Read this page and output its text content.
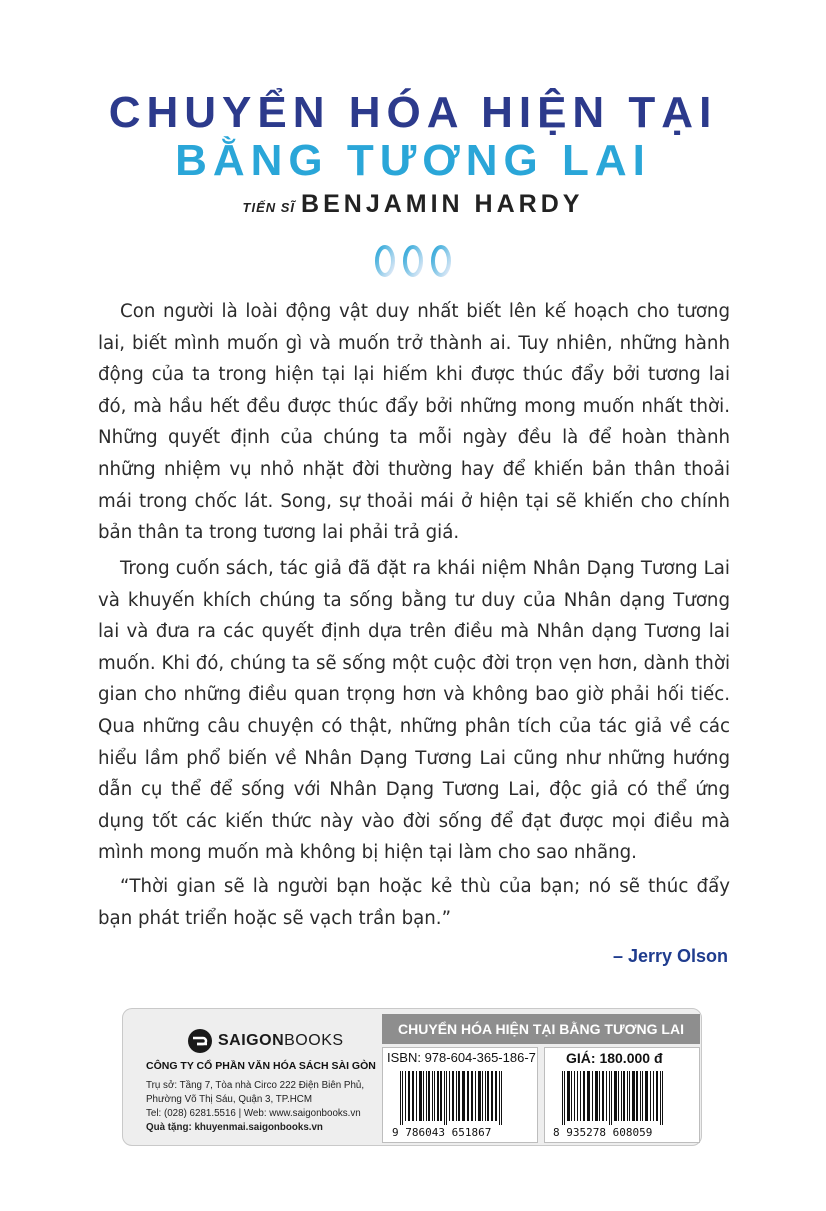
CHUYỂN HÓA HIỆN TẠI
BẰNG TƯƠNG LAI
TIẾN SĨ BENJAMIN HARDY
Con người là loài động vật duy nhất biết lên kế hoạch cho tương lai, biết mình muốn gì và muốn trở thành ai. Tuy nhiên, những hành động của ta trong hiện tại lại hiếm khi được thúc đẩy bởi tương lai đó, mà hầu hết đều được thúc đẩy bởi những mong muốn nhất thời. Những quyết định của chúng ta mỗi ngày đều là để hoàn thành những nhiệm vụ nhỏ nhặt đời thường hay để khiến bản thân thoải mái trong chốc lát. Song, sự thoải mái ở hiện tại sẽ khiến cho chính bản thân ta trong tương lai phải trả giá.
Trong cuốn sách, tác giả đã đặt ra khái niệm Nhân Dạng Tương Lai và khuyến khích chúng ta sống bằng tư duy của Nhân dạng Tương lai và đưa ra các quyết định dựa trên điều mà Nhân dạng Tương lai muốn. Khi đó, chúng ta sẽ sống một cuộc đời trọn vẹn hơn, dành thời gian cho những điều quan trọng hơn và không bao giờ phải hối tiếc. Qua những câu chuyện có thật, những phân tích của tác giả về các hiểu lầm phổ biến về Nhân Dạng Tương Lai cũng như những hướng dẫn cụ thể để sống với Nhân Dạng Tương Lai, độc giả có thể ứng dụng tốt các kiến thức này vào đời sống để đạt được mọi điều mà mình mong muốn mà không bị hiện tại làm cho sao nhãng.
“Thời gian sẽ là người bạn hoặc kẻ thù của bạn; nó sẽ thúc đẩy bạn phát triển hoặc sẽ vạch trần bạn.”
– Jerry Olson
SAIGONBOOKS
CÔNG TY CỔ PHẦN VĂN HÓA SÁCH SÀI GÒN
Trụ sở: Tầng 7, Tòa nhà Circo 222 Điện Biên Phủ,
Phường Võ Thị Sáu, Quận 3, TP.HCM
Tel: (028) 6281.5516 | Web: www.saigonbooks.vn
Quà tặng: khuyenmai.saigonbooks.vn
CHUYỂN HÓA HIỆN TẠI BẰNG TƯƠNG LAI
ISBN: 978-604-365-186-7
9 786043 651867
GIÁ: 180.000 đ
8 935278 608059
